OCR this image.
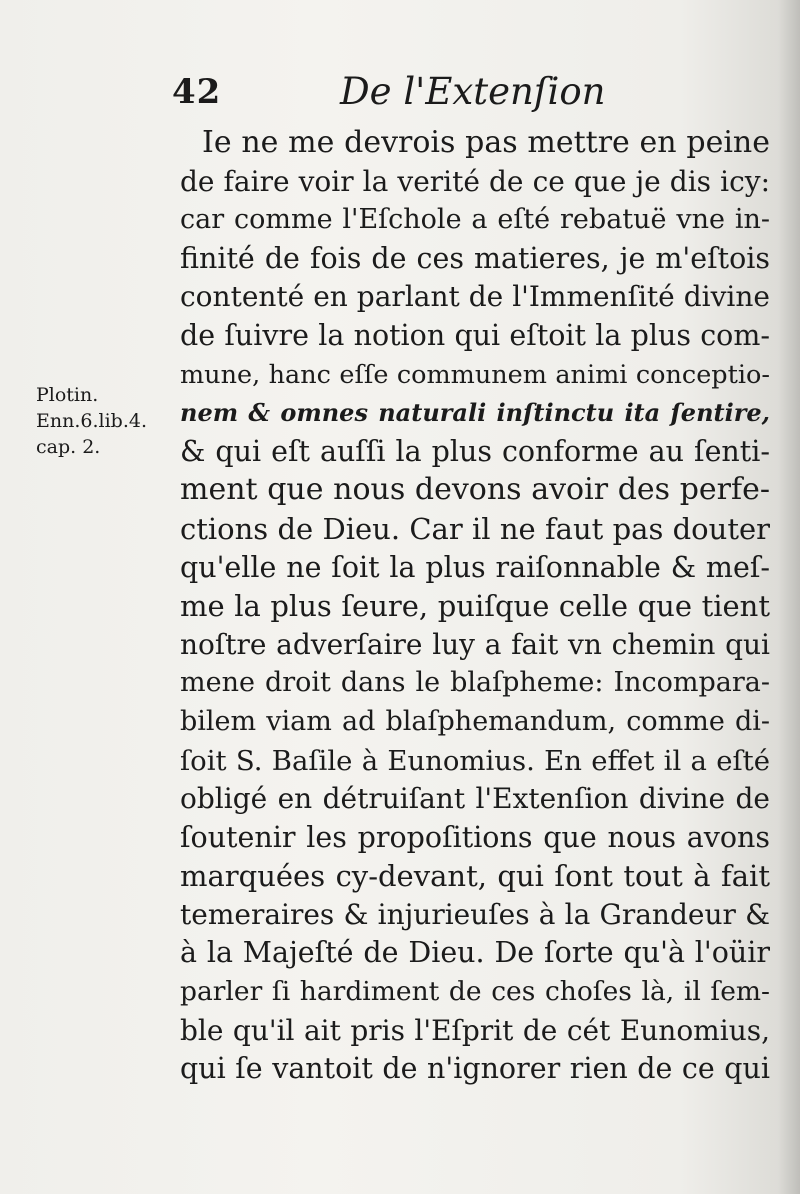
42	De l'Extenſion
Plotin.
Enn.6.lib.4.
cap. 2.
Ie ne me devrois pas mettre en peine
de faire voir la verité de ce que je dis icy:
car comme l'Eſchole a eſté rebatuë vne in-
finité de fois de ces matieres, je m'eſtois
contenté en parlant de l'Immenſité divine
de ſuivre la notion qui eſtoit la plus com-
mune, hanc eſſe communem animi conceptio-
nem & omnes naturali inſtinctu ita ſentire,
& qui eſt auſſi la plus conforme au ſenti-
ment que nous devons avoir des perfe-
ctions de Dieu. Car il ne faut pas douter
qu'elle ne ſoit la plus raiſonnable & meſ-
me la plus ſeure, puiſque celle que tient
noſtre adverſaire luy a fait vn chemin qui
mene droit dans le blaſpheme: Incompara-
bilem viam ad blaſphemandum, comme di-
ſoit S. Baſile à Eunomius. En effet il a eſté
obligé en détruiſant l'Extenſion divine de
ſoutenir les propoſitions que nous avons
marquées cy-devant, qui ſont tout à fait
temeraires & injurieuſes à la Grandeur &
à la Majeſté de Dieu. De ſorte qu'à l'oüir
parler ſi hardiment de ces choſes là, il ſem-
ble qu'il ait pris l'Eſprit de cét Eunomius,
qui ſe vantoit de n'ignorer rien de ce qui
